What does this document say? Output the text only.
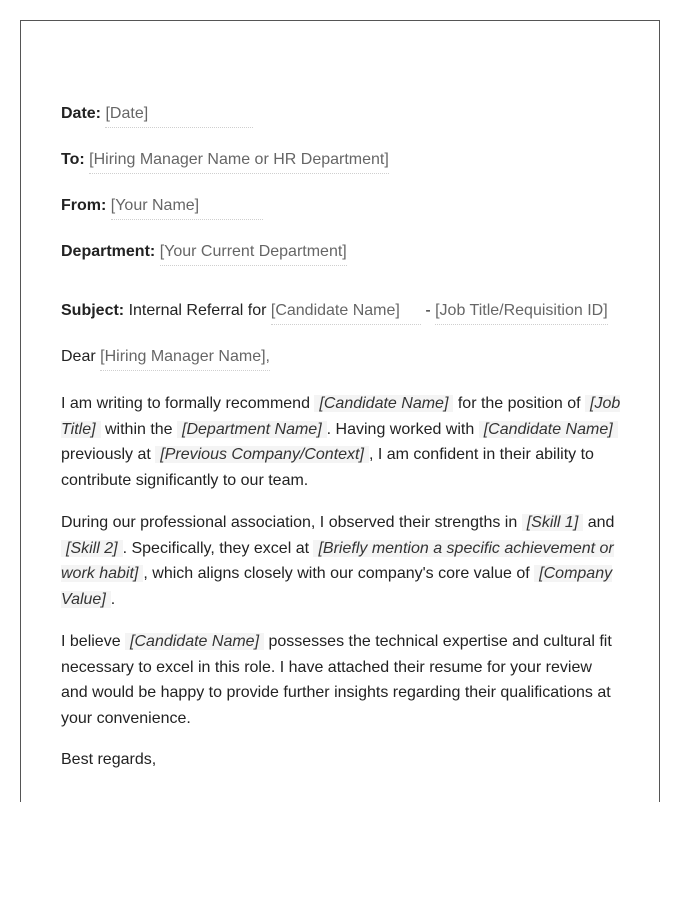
Date: [Date]
To: [Hiring Manager Name or HR Department]
From: [Your Name]
Department: [Your Current Department]
Subject: Internal Referral for [Candidate Name] - [Job Title/Requisition ID]
Dear [Hiring Manager Name],

I am writing to formally recommend [Candidate Name] for the position of [Job Title] within the [Department Name] . Having worked with [Candidate Name] previously at [Previous Company/Context] , I am confident in their ability to contribute significantly to our team.

During our professional association, I observed their strengths in [Skill 1] and [Skill 2] . Specifically, they excel at [Briefly mention a specific achievement or work habit] , which aligns closely with our company's core value of [Company Value] .

I believe [Candidate Name] possesses the technical expertise and cultural fit necessary to excel in this role. I have attached their resume for your review and would be happy to provide further insights regarding their qualifications at your convenience.

Best regards,
